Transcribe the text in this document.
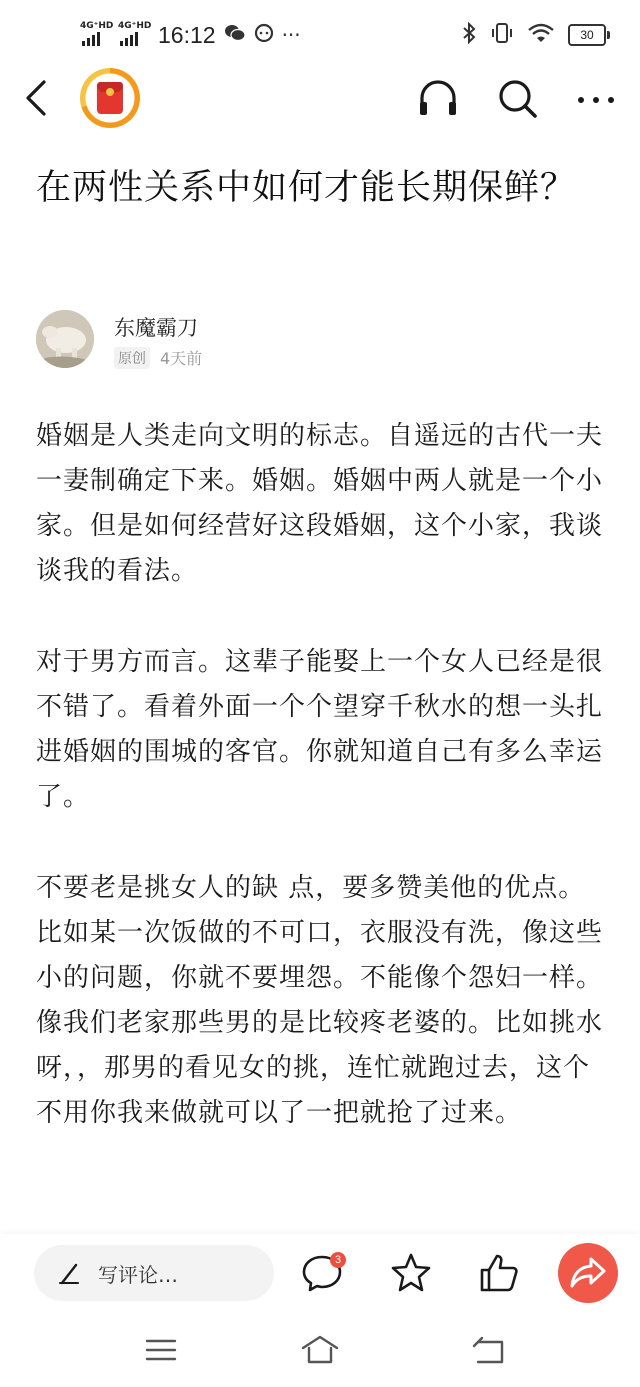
4G⁺HD 4G⁺HD 16:12	···	30
在两性关系中如何才能长期保鲜？
东魔霸刀
原创 4天前

婚姻是人类走向文明的标志。自遥远的古代一夫一妻制确定下来。婚姻。婚姻中两人就是一个小家。但是如何经营好这段婚姻，这个小家，我谈谈我的看法。

对于男方而言。这辈子能娶上一个女人已经是很不错了。看着外面一个个望穿千秋水的想一头扎进婚姻的围城的客官。你就知道自己有多么幸运了。

不要老是挑女人的缺 点，要多赞美他的优点。比如某一次饭做的不可口，衣服没有洗，像这些小的问题，你就不要埋怨。不能像个怨妇一样。像我们老家那些男的是比较疼老婆的。比如挑水呀，，那男的看见女的挑，连忙就跑过去，这个不用你我来做就可以了一把就抢了过来。

写评论…
3
